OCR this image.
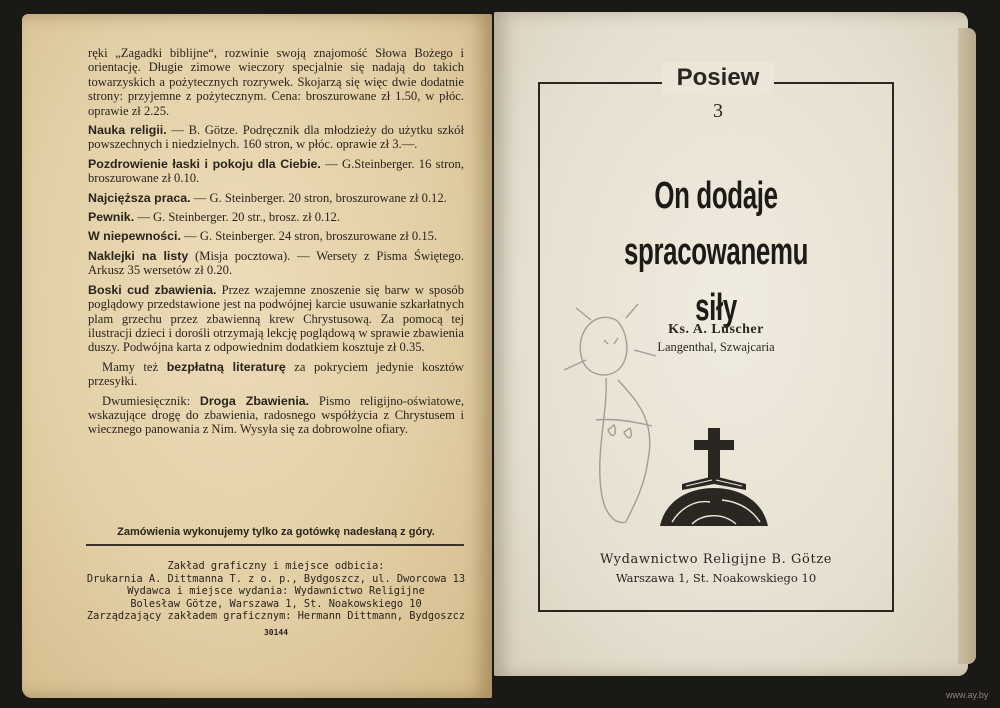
ręki „Zagadki biblijne“, rozwinie swoją znajomość Słowa Bożego i orientację. Długie zimowe wieczory specjalnie się nadają do takich towarzyskich a pożytecznych rozrywek. Skojarzą się więc dwie dodatnie strony: przyjemne z pożytecznym. Cena: broszurowane zł 1.50, w płóc. oprawie zł 2.25.

Nauka religii. — B. Götze. Podręcznik dla młodzieży do użytku szkół powszechnych i niedzielnych. 160 stron, w płóc. oprawie zł 3.—.

Pozdrowienie łaski i pokoju dla Ciebie. — G.Steinberger. 16 stron, broszurowane zł 0.10.

Najcięższa praca. — G. Steinberger. 20 stron, broszurowane zł 0.12.

Pewnik. — G. Steinberger. 20 str., brosz. zł 0.12.

W niepewności. — G. Steinberger. 24 stron, broszurowane zł 0.15.

Naklejki na listy (Misja pocztowa). — Wersety z Pisma Świętego. Arkusz 35 wersetów zł 0.20.

Boski cud zbawienia. Przez wzajemne znoszenie się barw w sposób poglądowy przedstawione jest na podwójnej karcie usuwanie szkarłatnych plam grzechu przez zbawienną krew Chrystusową. Za pomocą tej ilustracji dzieci i dorośli otrzymają lekcję poglądową w sprawie zbawienia duszy. Podwójna karta z odpowiednim dodatkiem kosztuje zł 0.35.

Mamy też bezpłatną literaturę za pokryciem jedynie kosztów przesyłki.

Dwumiesięcznik: Droga Zbawienia. Pismo religijno-oświatowe, wskazujące drogę do zbawienia, radosnego współżycia z Chrystusem i wiecznego panowania z Nim. Wysyła się za dobrowolne ofiary.

Zamówienia wykonujemy tylko za gotówkę nadesłaną z góry.
Zakład graficzny i miejsce odbicia:
Drukarnia A. Dittmanna T. z o. p., Bydgoszcz, ul. Dworcowa 13
Wydawca i miejsce wydania: Wydawnictwo Religijne
Bolesław Götze, Warszawa 1, St. Noakowskiego 10
Zarządzający zakładem graficznym: Hermann Dittmann, Bydgoszcz
30144
Posiew
3
On dodaje
spracowanemu siły
Ks. A. Lüscher
Langenthal, Szwajcaria
Wydawnictwo Religijne B. Götze
Warszawa 1, St. Noakowskiego 10
www.ay.by
